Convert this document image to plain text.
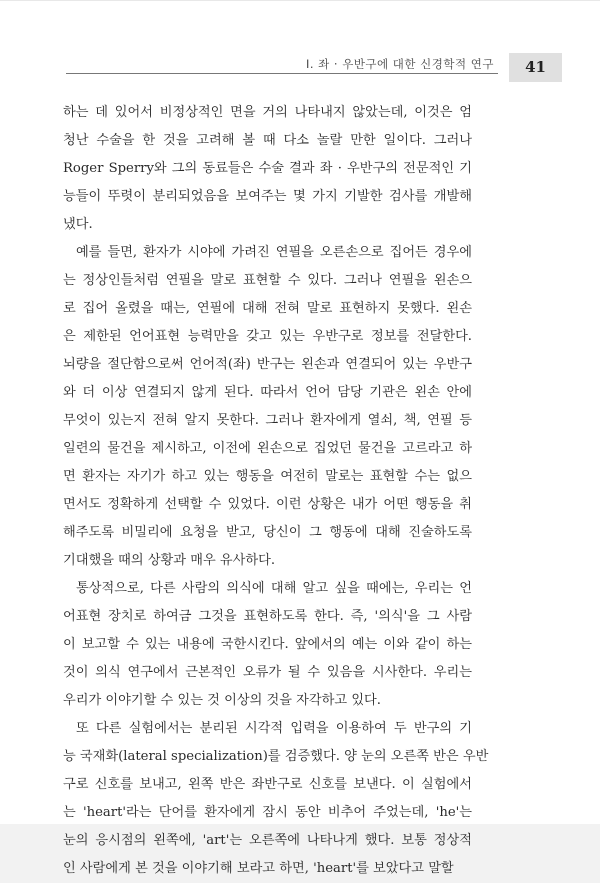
I. 좌 · 우반구에 대한 신경학적 연구	41
하는 데 있어서 비정상적인 면을 거의 나타내지 않았는데, 이것은 엄
청난 수술을 한 것을 고려해 볼 때 다소 놀랄 만한 일이다. 그러나
Roger Sperry와 그의 동료들은 수술 결과 좌 · 우반구의 전문적인 기
능들이 뚜렷이 분리되었음을 보여주는 몇 가지 기발한 검사를 개발해
냈다.
예를 들면, 환자가 시야에 가려진 연필을 오른손으로 집어든 경우에
는 정상인들처럼 연필을 말로 표현할 수 있다. 그러나 연필을 왼손으
로 집어 올렸을 때는, 연필에 대해 전혀 말로 표현하지 못했다. 왼손
은 제한된 언어표현 능력만을 갖고 있는 우반구로 정보를 전달한다.
뇌량을 절단함으로써 언어적(좌) 반구는 왼손과 연결되어 있는 우반구
와 더 이상 연결되지 않게 된다. 따라서 언어 담당 기관은 왼손 안에
무엇이 있는지 전혀 알지 못한다. 그러나 환자에게 열쇠, 책, 연필 등
일련의 물건을 제시하고, 이전에 왼손으로 집었던 물건을 고르라고 하
면 환자는 자기가 하고 있는 행동을 여전히 말로는 표현할 수는 없으
면서도 정확하게 선택할 수 있었다. 이런 상황은 내가 어떤 행동을 취
해주도록 비밀리에 요청을 받고, 당신이 그 행동에 대해 진술하도록
기대했을 때의 상황과 매우 유사하다.
통상적으로, 다른 사람의 의식에 대해 알고 싶을 때에는, 우리는 언
어표현 장치로 하여금 그것을 표현하도록 한다. 즉, '의식'을 그 사람
이 보고할 수 있는 내용에 국한시킨다. 앞에서의 예는 이와 같이 하는
것이 의식 연구에서 근본적인 오류가 될 수 있음을 시사한다. 우리는
우리가 이야기할 수 있는 것 이상의 것을 자각하고 있다.
또 다른 실험에서는 분리된 시각적 입력을 이용하여 두 반구의 기
능 국재화(lateral specialization)를 검증했다. 양 눈의 오른쪽 반은 우반
구로 신호를 보내고, 왼쪽 반은 좌반구로 신호를 보낸다. 이 실험에서
는 'heart'라는 단어를 환자에게 잠시 동안 비추어 주었는데, 'he'는
눈의 응시점의 왼쪽에, 'art'는 오른쪽에 나타나게 했다. 보통 정상적
인 사람에게 본 것을 이야기해 보라고 하면, 'heart'를 보았다고 말할
